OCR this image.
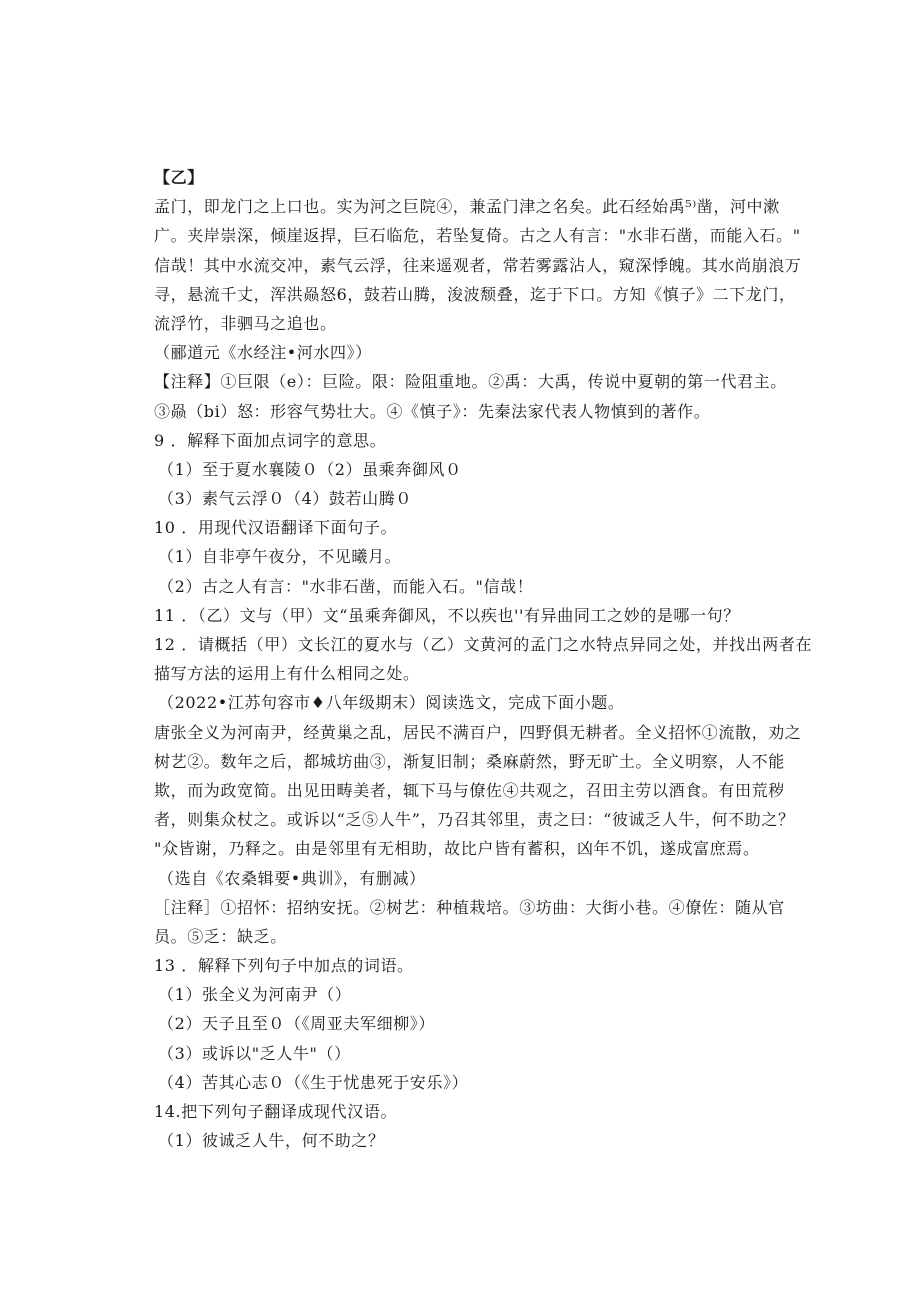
【乙】
孟门，即龙门之上口也。实为河之巨院④，兼孟门津之名矣。此石经始禹⁵⁾凿，河中漱
广。夹岸崇深，倾崖返捍，巨石临危，若坠复倚。古之人有言："水非石凿，而能入石。"
信哉！其中水流交冲，素气云浮，往来遥观者，常若雾露沾人，窥深悸魄。其水尚崩浪万
寻，悬流千丈，浑洪赑怒6，鼓若山腾，浚波颓叠，迄于下口。方知《慎子》二下龙门，
流浮竹，非驷马之追也。
（郦道元《水经注•河水四》）
【注释】①巨限（e）：巨险。限：险阻重地。②禹：大禹，传说中夏朝的第一代君主。
③赑（bi）怒：形容气势壮大。④《慎子》：先秦法家代表人物慎到的著作。
9 ．解释下面加点词字的意思。
（1）至于夏水襄陵０（2）虽乘奔御风０
（3）素气云浮０（4）鼓若山腾０
10 ．用现代汉语翻译下面句子。
（1）自非亭午夜分，不见曦月。
（2）古之人有言："水非石凿，而能入石。"信哉！
11 ．（乙）文与（甲）文“虽乘奔御风，不以疾也''有异曲同工之妙的是哪一句？
12 ．请概括（甲）文长江的夏水与（乙）文黄河的孟门之水特点异同之处，并找出两者在
描写方法的运用上有什么相同之处。
（2022•江苏句容市♦八年级期末）阅读选文，完成下面小题。
唐张全义为河南尹，经黄巢之乱，居民不满百户，四野俱无耕者。全义招怀①流散，劝之
树艺②。数年之后，都城坊曲③，渐复旧制；桑麻蔚然，野无旷土。全义明察，人不能
欺，而为政宽简。出见田畴美者，辄下马与僚佐④共观之，召田主劳以酒食。有田荒秽
者，则集众杖之。或诉以“乏⑤人牛”，乃召其邻里，责之曰：“彼诚乏人牛，何不助之？
"众皆谢，乃释之。由是邻里有无相助，故比户皆有蓄积，凶年不饥，遂成富庶焉。
（选自《农桑辑要•典训》，有删减）
［注释］①招怀：招纳安抚。②树艺：种植栽培。③坊曲：大街小巷。④僚佐：随从官
员。⑤乏：缺乏。
13 ．解释下列句子中加点的词语。
（1）张全义为河南尹（）
（2）天子且至０（《周亚夫军细柳》）
（3）或诉以"乏人牛"（）
（4）苦其心志０（《生于忧患死于安乐》）
14.把下列句子翻译成现代汉语。
（1）彼诚乏人牛，何不助之？
